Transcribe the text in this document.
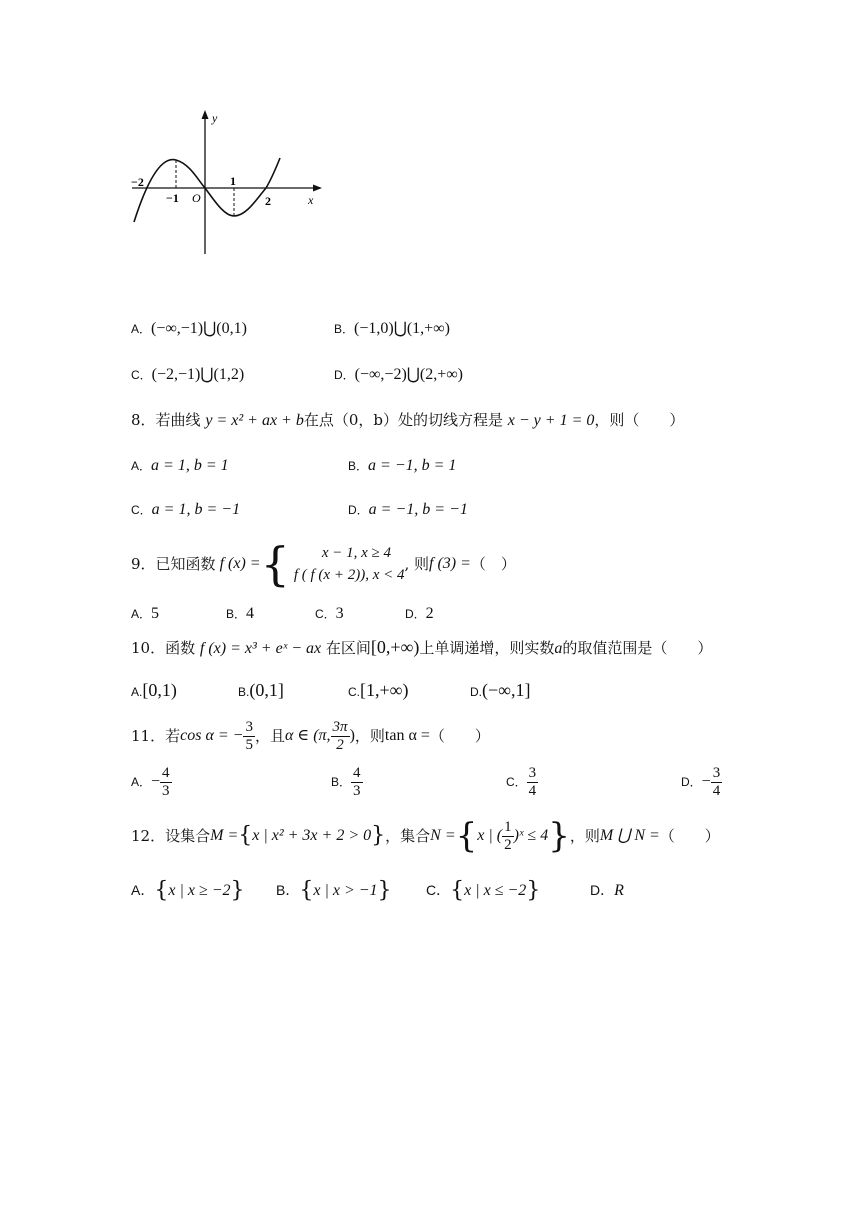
y
x
O
−2
−1
1
2
A．(−∞,−1)⋃(0,1)	B．(−1,0)⋃(1,+∞)
C．(−2,−1)⋃(1,2)	D．(−∞,−2)⋃(2,+∞)
8．若曲线 y = x² + ax + b在点（0，b）处的切线方程是 x − y + 1 = 0，则（　　）
A．a = 1, b = 1	B．a = −1, b = 1
C．a = 1, b = −1	D．a = −1, b = −1
9． 已知函数 f (x) = {	x − 1, x ≥ 4
f ( f (x + 2)), x < 4
, 则 f (3) = （　）
A．5	B．4	C．3	D．2
10．函数 f (x) = x³ + eˣ − ax 在区间[0,+∞)上单调递增，则实数a的取值范围是（　　）
A.[0,1)	B.(0,1]	C.[1,+∞)	D.(−∞,1]
11． 若 cos α = − $\frac{3}{5}$ ，且 α ∈ (π, $\frac{3\pi}{2}$ ) ，则 tan α = （　　）
A． − $\frac{4}{3}$	B． $\frac{4}{3}$	C． $\frac{3}{4}$	D． − $\frac{3}{4}$
12． 设集合 M = { x | x² + 3x + 2 > 0 } ，集合 N = { x | ( $\frac{1}{2}$ )ˣ ≤ 4 } ，则 M ⋃ N = （　　）
A．{x | x ≥ −2} B．{x | x > −1} C．{x | x ≤ −2}	D．R
